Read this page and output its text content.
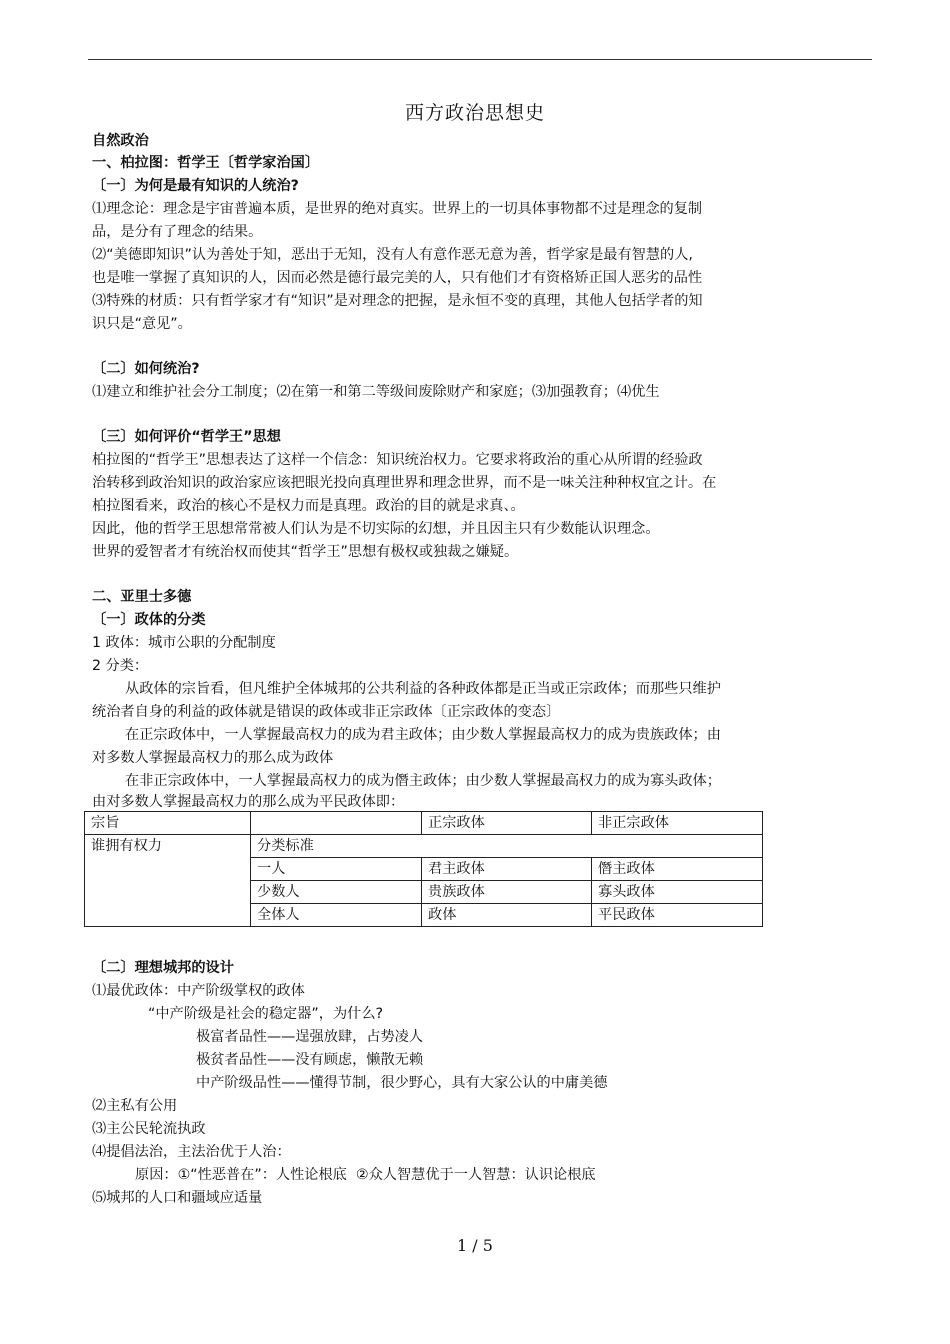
西方政治思想史
自然政治
一、柏拉图：哲学王〔哲学家治国〕
〔一〕为何是最有知识的人统治?
⑴理念论：理念是宇宙普遍本质，是世界的绝对真实。世界上的一切具体事物都不过是理念的复制
品，是分有了理念的结果。
⑵“美德即知识”认为善处于知，恶出于无知，没有人有意作恶无意为善，哲学家是最有智慧的人,
也是唯一掌握了真知识的人，因而必然是德行最完美的人，只有他们才有资格矫正国人恶劣的品性
⑶特殊的材质：只有哲学家才有“知识”是对理念的把握，是永恒不变的真理，其他人包括学者的知
识只是“意见”。
〔二〕如何统治?
⑴建立和维护社会分工制度；⑵在第一和第二等级间废除财产和家庭；⑶加强教育；⑷优生
〔三〕如何评价“哲学王”思想
柏拉图的“哲学王”思想表达了这样一个信念：知识统治权力。它要求将政治的重心从所谓的经验政
治转移到政治知识的政治家应该把眼光投向真理世界和理念世界，而不是一味关注种种权宜之计。在
柏拉图看来，政治的核心不是权力而是真理。政治的目的就是求真、。
因此，他的哲学王思想常常被人们认为是不切实际的幻想，并且因主只有少数能认识理念。
世界的爱智者才有统治权而使其“哲学王”思想有极权或独裁之嫌疑。
二、亚里士多德
〔一〕政体的分类
1 政体：城市公职的分配制度
2 分类：
从政体的宗旨看，但凡维护全体城邦的公共利益的各种政体都是正当或正宗政体；而那些只维护
统治者自身的利益的政体就是错误的政体或非正宗政体〔正宗政体的变态〕
在正宗政体中，一人掌握最高权力的成为君主政体；由少数人掌握最高权力的成为贵族政体；由
对多数人掌握最高权力的那么成为政体
在非正宗政体中，一人掌握最高权力的成为僭主政体；由少数人掌握最高权力的成为寡头政体；
由对多数人掌握最高权力的那么成为平民政体即：
宗旨		正宗政体	非正宗政体
谁拥有权力	分类标准		
	一人	君主政体	僭主政体
	少数人	贵族政体	寡头政体
	全体人	政体	平民政体
〔二〕理想城邦的设计
⑴最优政体：中产阶级掌权的政体
“中产阶级是社会的稳定器”，为什么?
极富者品性——逞强放肆，占势凌人
极贫者品性——没有顾虑，懒散无赖
中产阶级品性——懂得节制，很少野心，具有大家公认的中庸美德
⑵主私有公用
⑶主公民轮流执政
⑷提倡法治，主法治优于人治：
原因：①“性恶普在”：人性论根底  ②众人智慧优于一人智慧：认识论根底
⑸城邦的人口和疆域应适量
1 / 5
